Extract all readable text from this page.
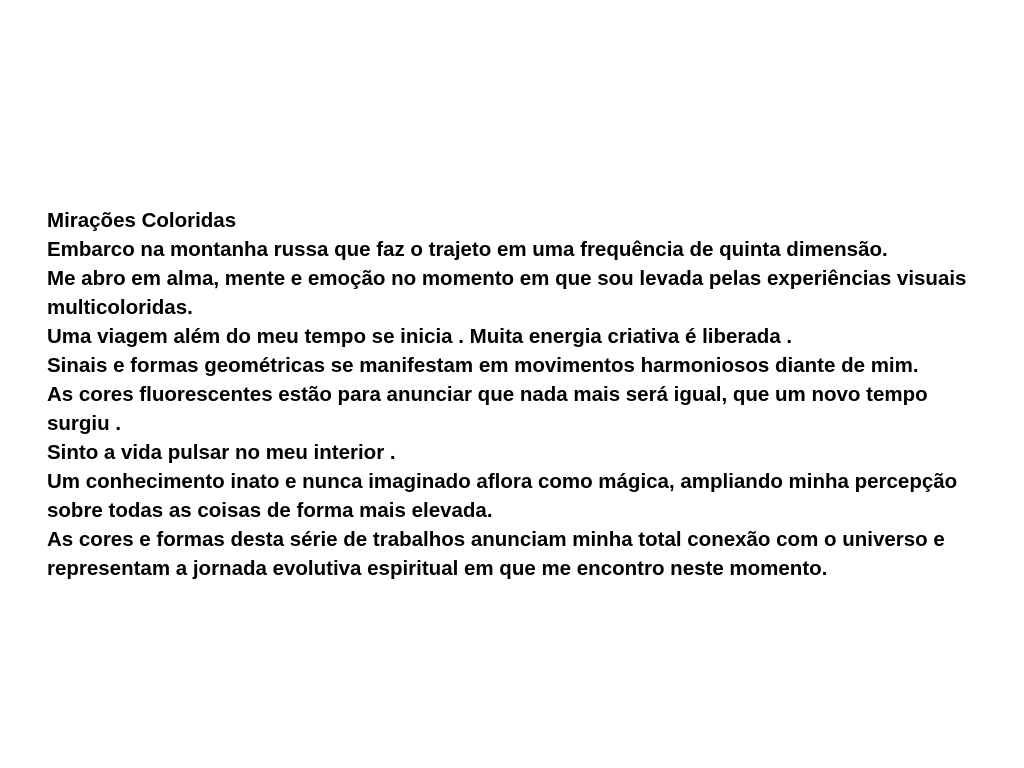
Mirações Coloridas

Embarco na montanha russa que faz o trajeto em uma frequência de quinta dimensão.

Me abro em alma, mente e emoção no momento em que sou levada pelas experiências visuais multicoloridas.

Uma viagem além do meu tempo se inicia . Muita energia criativa é liberada .

Sinais e formas geométricas se manifestam em movimentos harmoniosos diante de mim.

As cores fluorescentes estão para anunciar que nada mais será igual, que um novo tempo surgiu .

Sinto a vida pulsar no meu interior .

Um conhecimento inato e nunca imaginado aflora como mágica, ampliando minha percepção sobre todas as coisas de forma mais elevada.

As cores e formas desta série de trabalhos anunciam minha total conexão com o universo e representam a jornada evolutiva espiritual em que me encontro neste momento.
